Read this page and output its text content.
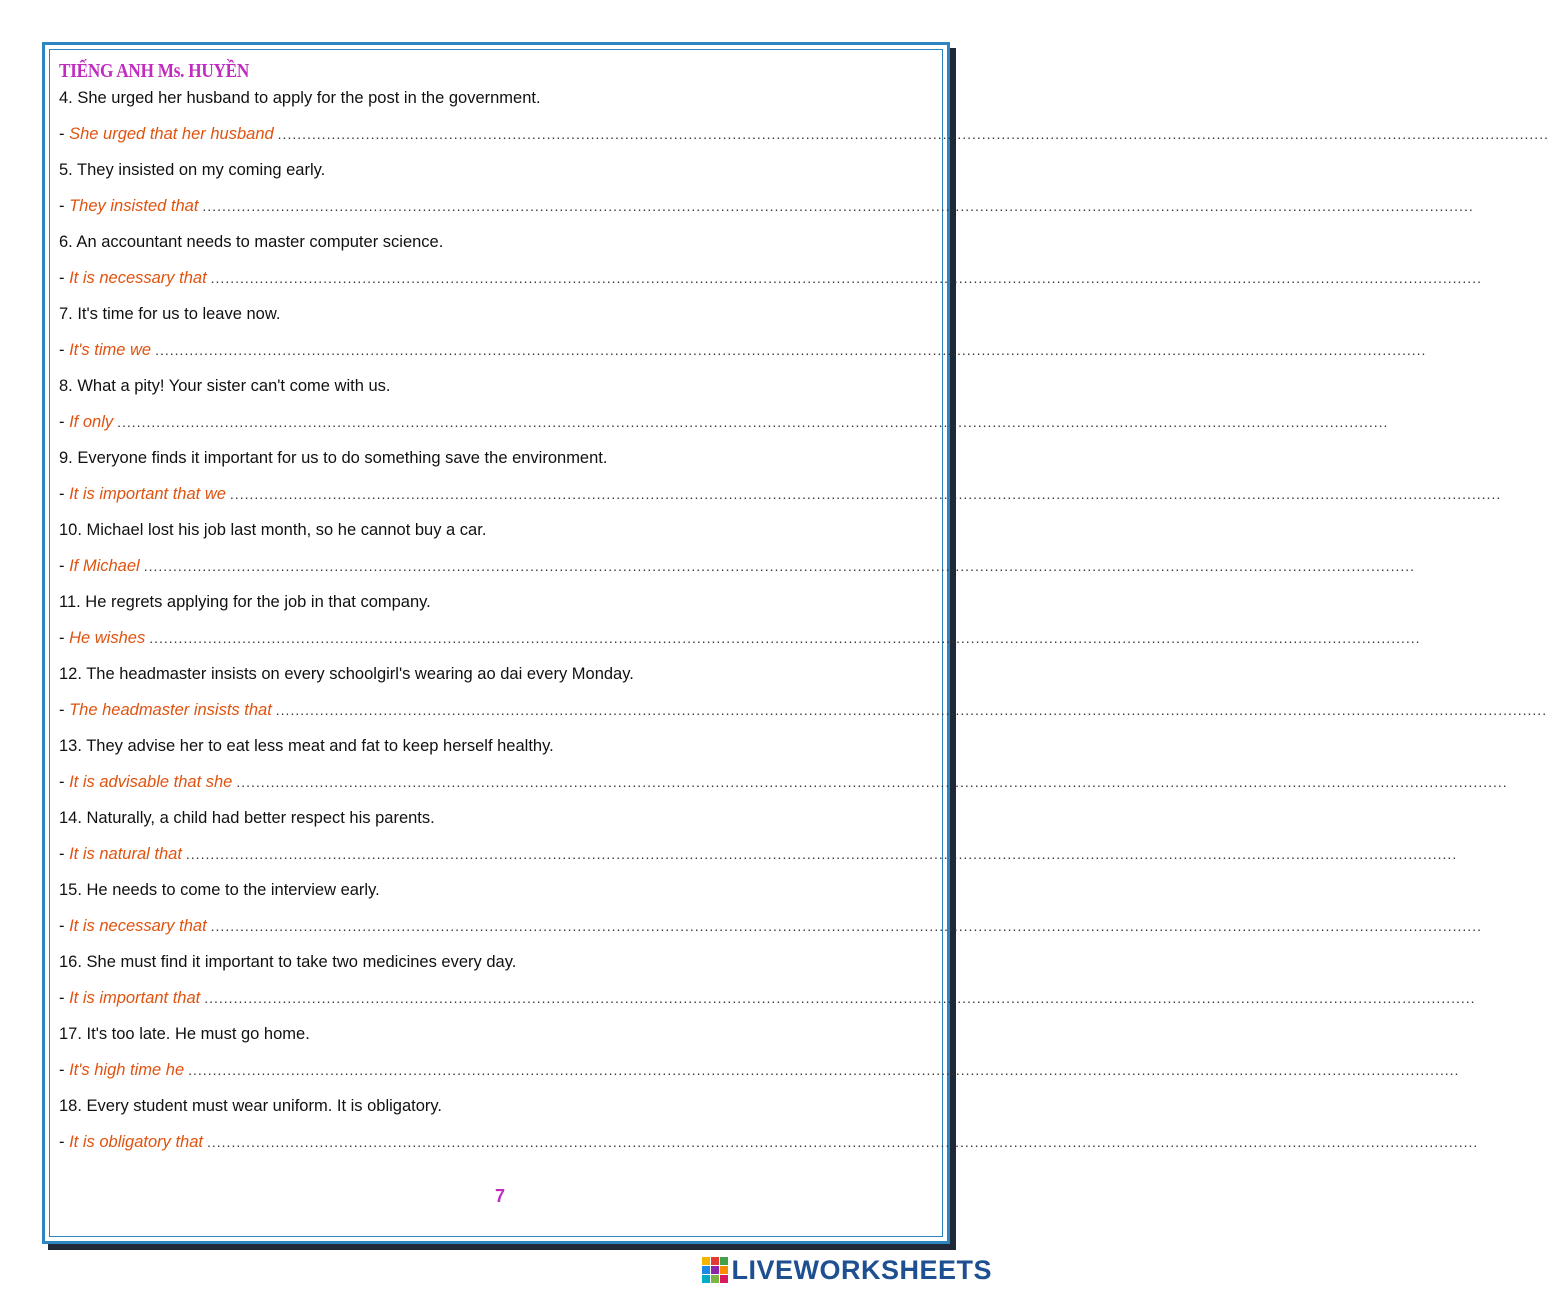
TIẾNG ANH Ms. HUYỀN
4. She urged her husband to apply for the post in the government.
- She urged that her husband ....................................................................................................................................................................................................................................................................
5. They insisted on my coming early.
- They insisted that ....................................................................................................................................................................................................................................................................
6. An accountant needs to master computer science.
- It is necessary that ....................................................................................................................................................................................................................................................................
7. It's time for us to leave now.
- It's time we ....................................................................................................................................................................................................................................................................
8. What a pity! Your sister can't come with us.
- If only ....................................................................................................................................................................................................................................................................
9. Everyone finds it important for us to do something save the environment.
- It is important that we ....................................................................................................................................................................................................................................................................
10. Michael lost his job last month, so he cannot buy a car.
- If Michael ....................................................................................................................................................................................................................................................................
11. He regrets applying for the job in that company.
- He wishes ....................................................................................................................................................................................................................................................................
12. The headmaster insists on every schoolgirl's wearing ao dai every Monday.
- The headmaster insists that ....................................................................................................................................................................................................................................................................
13. They advise her to eat less meat and fat to keep herself healthy.
- It is advisable that she ....................................................................................................................................................................................................................................................................
14. Naturally, a child had better respect his parents.
- It is natural that ....................................................................................................................................................................................................................................................................
15. He needs to come to the interview early.
- It is necessary that ....................................................................................................................................................................................................................................................................
16. She must find it important to take two medicines every day.
- It is important that ....................................................................................................................................................................................................................................................................
17. It's too late. He must go home.
- It's high time he ....................................................................................................................................................................................................................................................................
18. Every student must wear uniform. It is obligatory.
- It is obligatory that ....................................................................................................................................................................................................................................................................
7
LIVEWORKSHEETS
